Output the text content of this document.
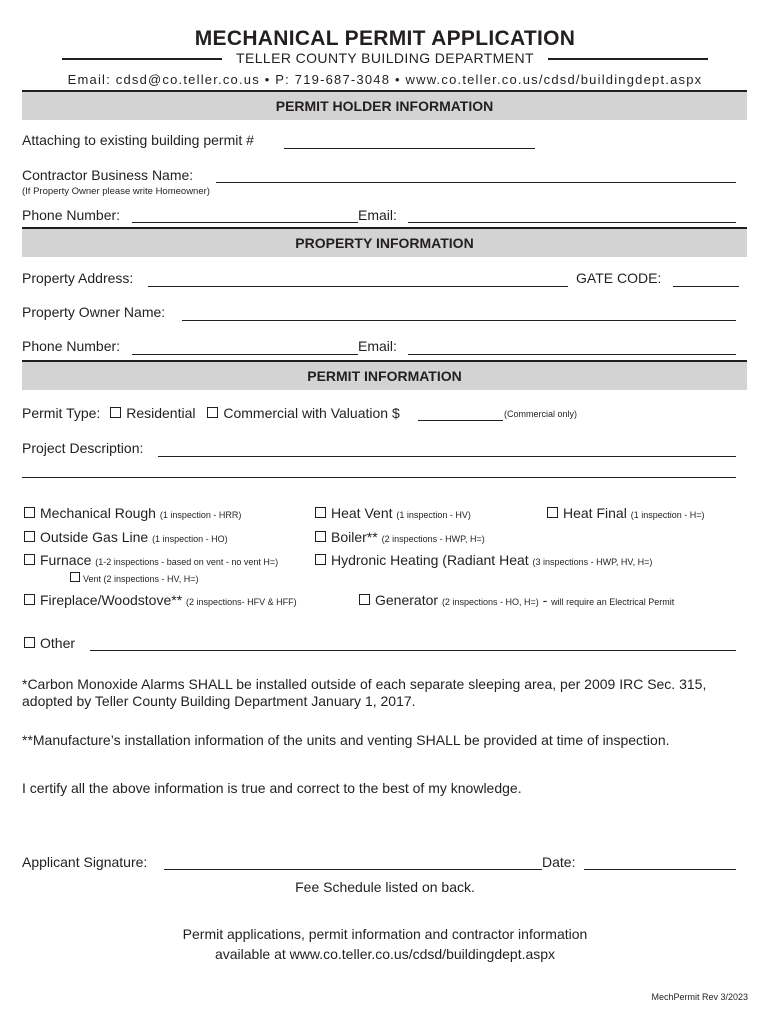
MECHANICAL PERMIT APPLICATION
TELLER COUNTY BUILDING DEPARTMENT
Email: cdsd@co.teller.co.us • P: 719-687-3048 • www.co.teller.co.us/cdsd/buildingdept.aspx
PERMIT HOLDER INFORMATION
Attaching to existing building permit #
Contractor Business Name:
(If Property Owner please write Homeowner)
Phone Number:	Email:
PROPERTY INFORMATION
Property Address:	GATE CODE:
Property Owner Name:
Phone Number:	Email:
PERMIT INFORMATION
Permit Type: Residential Commercial with Valuation $	(Commercial only)
Project Description:
Mechanical Rough (1 inspection - HRR)	Heat Vent (1 inspection - HV)	Heat Final (1 inspection - H=)
Outside Gas Line (1 inspection - HO)	Boiler** (2 inspections - HWP, H=)
Furnace (1-2 inspections - based on vent - no vent H=)	Hydronic Heating (Radiant Heat (3 inspections - HWP, HV, H=)
Vent (2 inspections - HV, H=)
Fireplace/Woodstove** (2 inspections- HFV & HFF)	Generator (2 inspections - HO, H=) - will require an Electrical Permit
Other
*Carbon Monoxide Alarms SHALL be installed outside of each separate sleeping area, per 2009 IRC Sec. 315, adopted by Teller County Building Department January 1, 2017.
**Manufacture’s installation information of the units and venting SHALL be provided at time of inspection.
I certify all the above information is true and correct to the best of my knowledge.
Applicant Signature:	Date:
Fee Schedule listed on back.
Permit applications, permit information and contractor information
available at www.co.teller.co.us/cdsd/buildingdept.aspx
MechPermit Rev 3/2023
